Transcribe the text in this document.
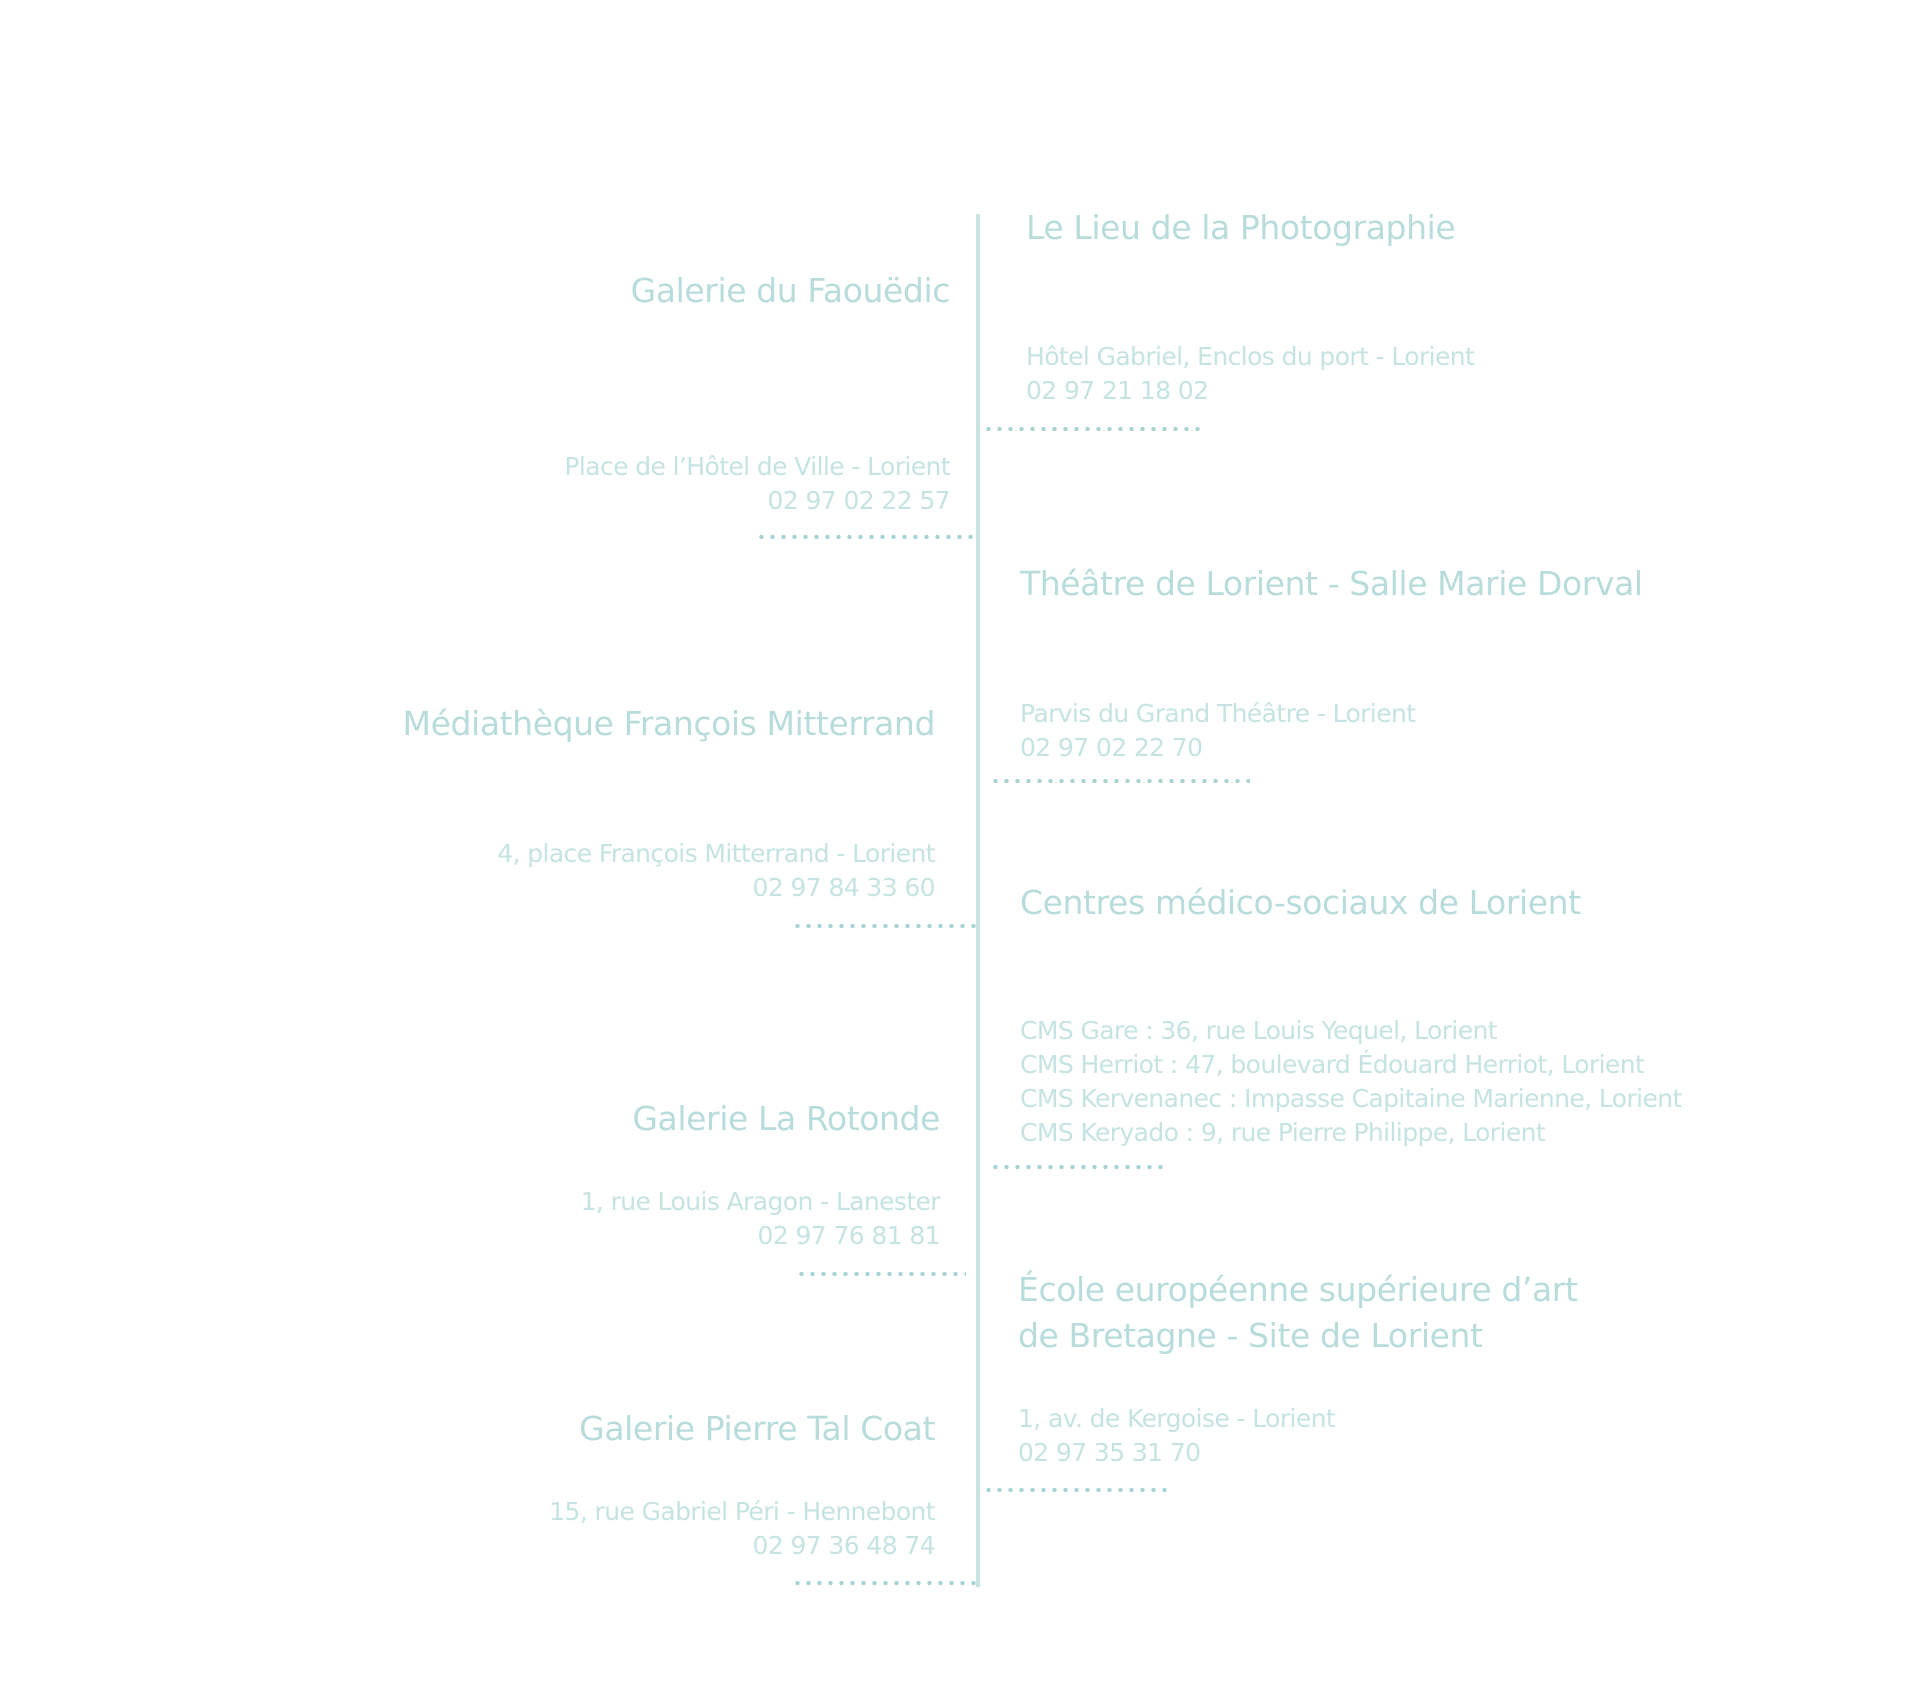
Galerie du Faouëdic
Place de l’Hôtel de Ville - Lorient
02 97 02 22 57
Médiathèque François Mitterrand
4, place François Mitterrand - Lorient
02 97 84 33 60
Galerie La Rotonde
1, rue Louis Aragon - Lanester
02 97 76 81 81
Galerie Pierre Tal Coat
15, rue Gabriel Péri - Hennebont
02 97 36 48 74
Le Lieu de la Photographie
Hôtel Gabriel, Enclos du port - Lorient
02 97 21 18 02
Théâtre de Lorient - Salle Marie Dorval
Parvis du Grand Théâtre - Lorient
02 97 02 22 70
Centres médico-sociaux de Lorient
CMS Gare : 36, rue Louis Yequel, Lorient
CMS Herriot : 47, boulevard Édouard Herriot, Lorient
CMS Kervenanec : Impasse Capitaine Marienne, Lorient
CMS Keryado : 9, rue Pierre Philippe, Lorient
École européenne supérieure d’art
de Bretagne - Site de Lorient
1, av. de Kergoise - Lorient
02 97 35 31 70
